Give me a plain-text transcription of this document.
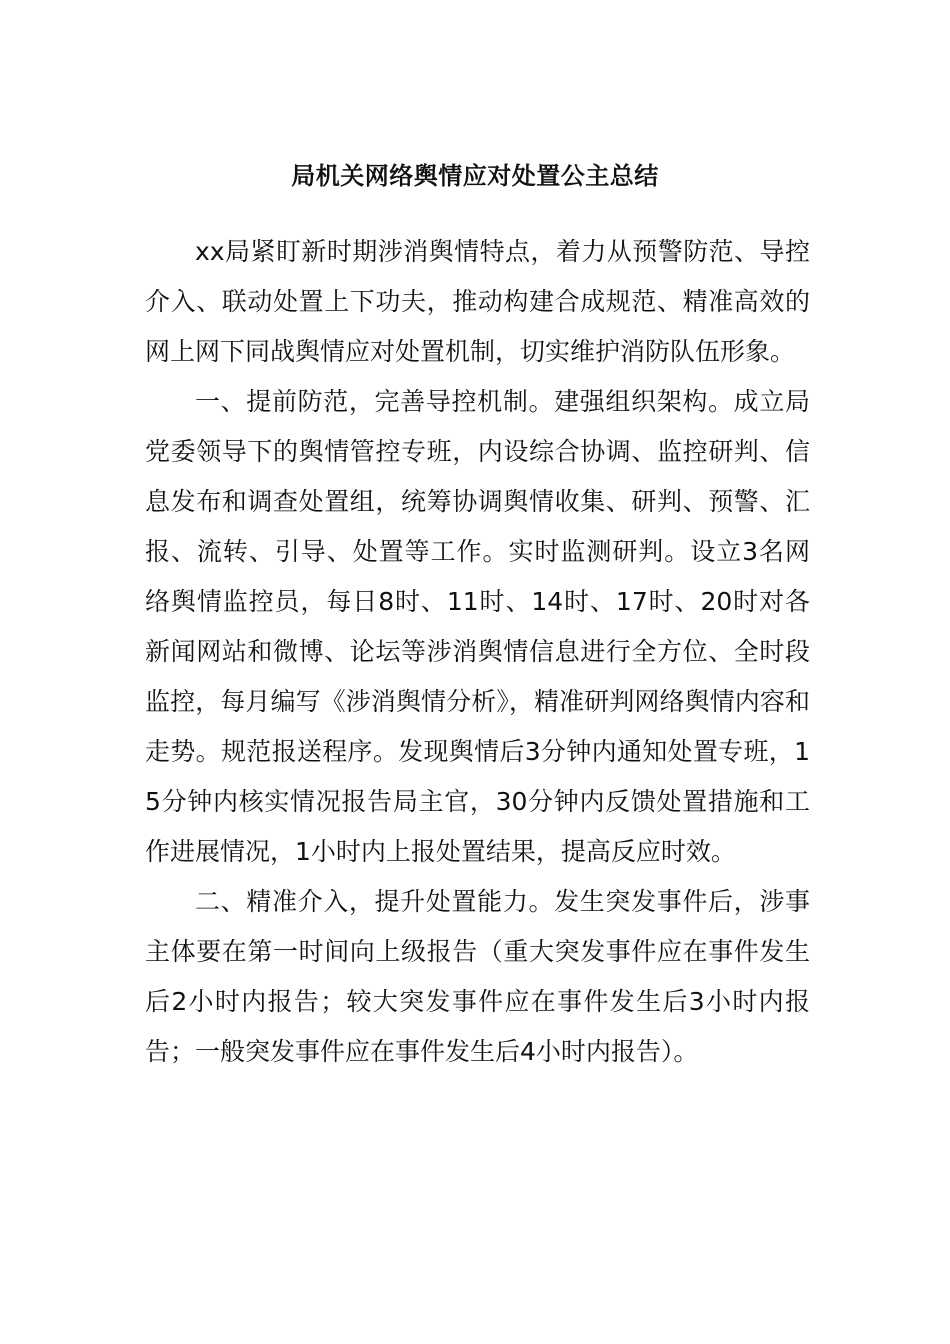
局机关网络舆情应对处置公主总结

xx局紧盯新时期涉消舆情特点，着力从预警防范、导控介入、联动处置上下功夫，推动构建合成规范、精准高效的网上网下同战舆情应对处置机制，切实维护消防队伍形象。

一、提前防范，完善导控机制。建强组织架构。成立局党委领导下的舆情管控专班，内设综合协调、监控研判、信息发布和调查处置组，统筹协调舆情收集、研判、预警、汇报、流转、引导、处置等工作。实时监测研判。设立3名网络舆情监控员，每日8时、11时、14时、17时、20时对各新闻网站和微博、论坛等涉消舆情信息进行全方位、全时段监控，每月编写《涉消舆情分析》，精准研判网络舆情内容和走势。规范报送程序。发现舆情后3分钟内通知处置专班，15分钟内核实情况报告局主官，30分钟内反馈处置措施和工作进展情况，1小时内上报处置结果，提高反应时效。

二、精准介入，提升处置能力。发生突发事件后，涉事主体要在第一时间向上级报告（重大突发事件应在事件发生后2小时内报告；较大突发事件应在事件发生后3小时内报告；一般突发事件应在事件发生后4小时内报告）。
